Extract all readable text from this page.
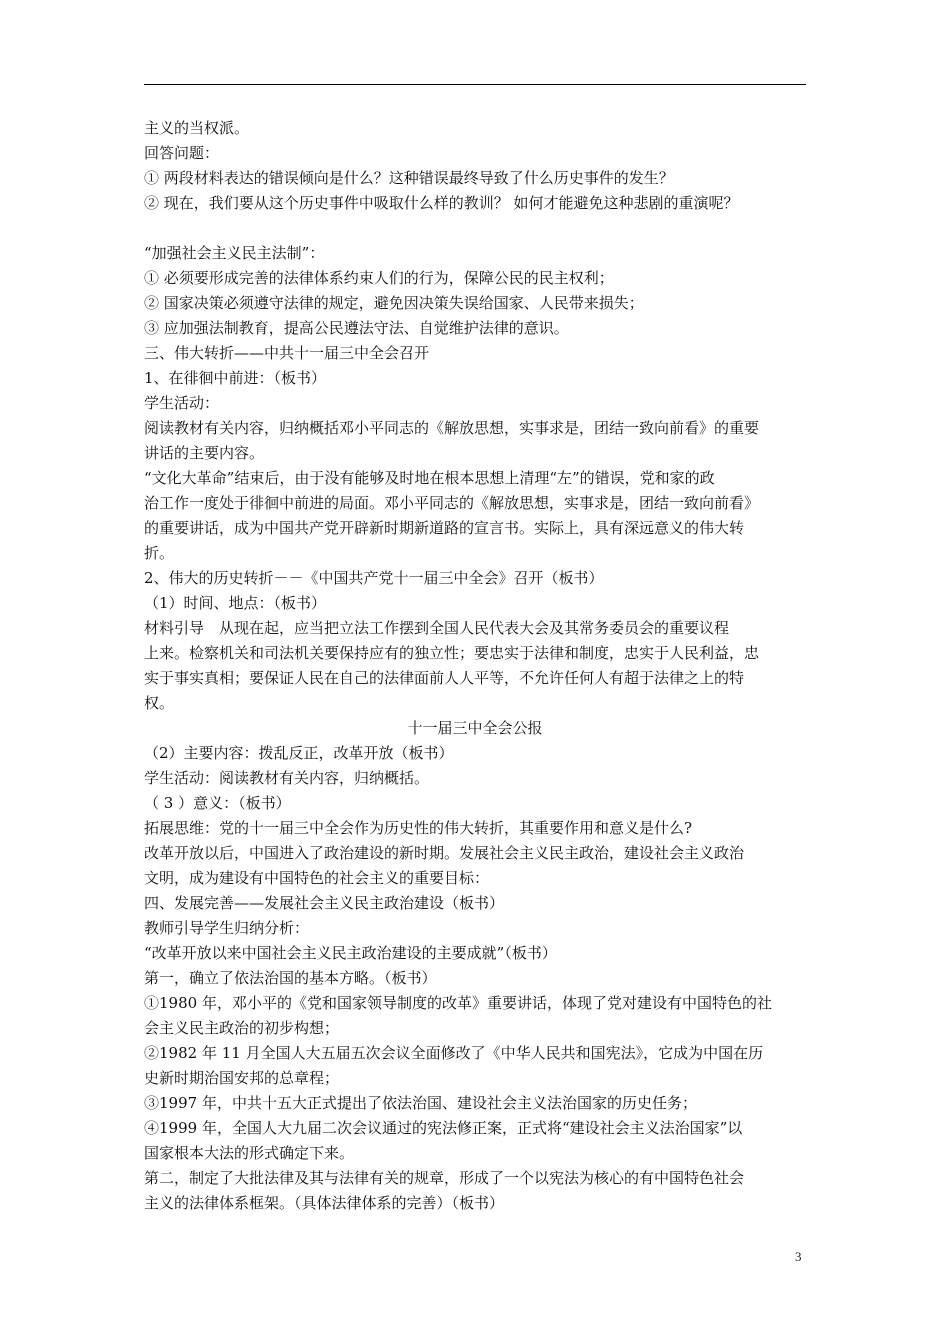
主义的当权派。
回答问题：
① 两段材料表达的错误倾向是什么？这种错误最终导致了什么历史事件的发生？
② 现在，我们要从这个历史事件中吸取什么样的教训？ 如何才能避免这种悲剧的重演呢？
“加强社会主义民主法制”：
① 必须要形成完善的法律体系约束人们的行为，保障公民的民主权利；
② 国家决策必须遵守法律的规定，避免因决策失误给国家、人民带来损失；
③ 应加强法制教育，提高公民遵法守法、自觉维护法律的意识。
三、伟大转折——中共十一届三中全会召开
1、在徘徊中前进：（板书）
学生活动：
阅读教材有关内容，归纳概括邓小平同志的《解放思想，实事求是，团结一致向前看》的重要
讲话的主要内容。
“文化大革命”结束后，由于没有能够及时地在根本思想上清理“左”的错误，党和家的政
治工作一度处于徘徊中前进的局面。邓小平同志的《解放思想，实事求是，团结一致向前看》
的重要讲话，成为中国共产党开辟新时期新道路的宣言书。实际上，具有深远意义的伟大转
折。
2、伟大的历史转折－－《中国共产党十一届三中全会》召开（板书）
（1）时间、地点：（板书）
材料引导　从现在起，应当把立法工作摆到全国人民代表大会及其常务委员会的重要议程
上来。检察机关和司法机关要保持应有的独立性；要忠实于法律和制度，忠实于人民利益，忠
实于事实真相；要保证人民在自己的法律面前人人平等，不允许任何人有超于法律之上的特
权。
十一届三中全会公报
（2）主要内容：拨乱反正，改革开放（板书）
学生活动：阅读教材有关内容，归纳概括。
（ 3 ）意义：（板书）
拓展思维：党的十一届三中全会作为历史性的伟大转折，其重要作用和意义是什么?
改革开放以后，中国进入了政治建设的新时期。发展社会主义民主政治，建设社会主义政治
文明，成为建设有中国特色的社会主义的重要目标：
四、发展完善——发展社会主义民主政治建设（板书）
教师引导学生归纳分析：
“改革开放以来中国社会主义民主政治建设的主要成就”（板书）
第一，确立了依法治国的基本方略。（板书）
①1980 年，邓小平的《党和国家领导制度的改革》重要讲话，体现了党对建设有中国特色的社
会主义民主政治的初步构想；
②1982 年 11 月全国人大五届五次会议全面修改了《中华人民共和国宪法》，它成为中国在历
史新时期治国安邦的总章程；
③1997 年，中共十五大正式提出了依法治国、建设社会主义法治国家的历史任务；
④1999 年，全国人大九届二次会议通过的宪法修正案，正式将“建设社会主义法治国家”以
国家根本大法的形式确定下来。
第二，制定了大批法律及其与法律有关的规章，形成了一个以宪法为核心的有中国特色社会
主义的法律体系框架。（具体法律体系的完善）（板书）
3
